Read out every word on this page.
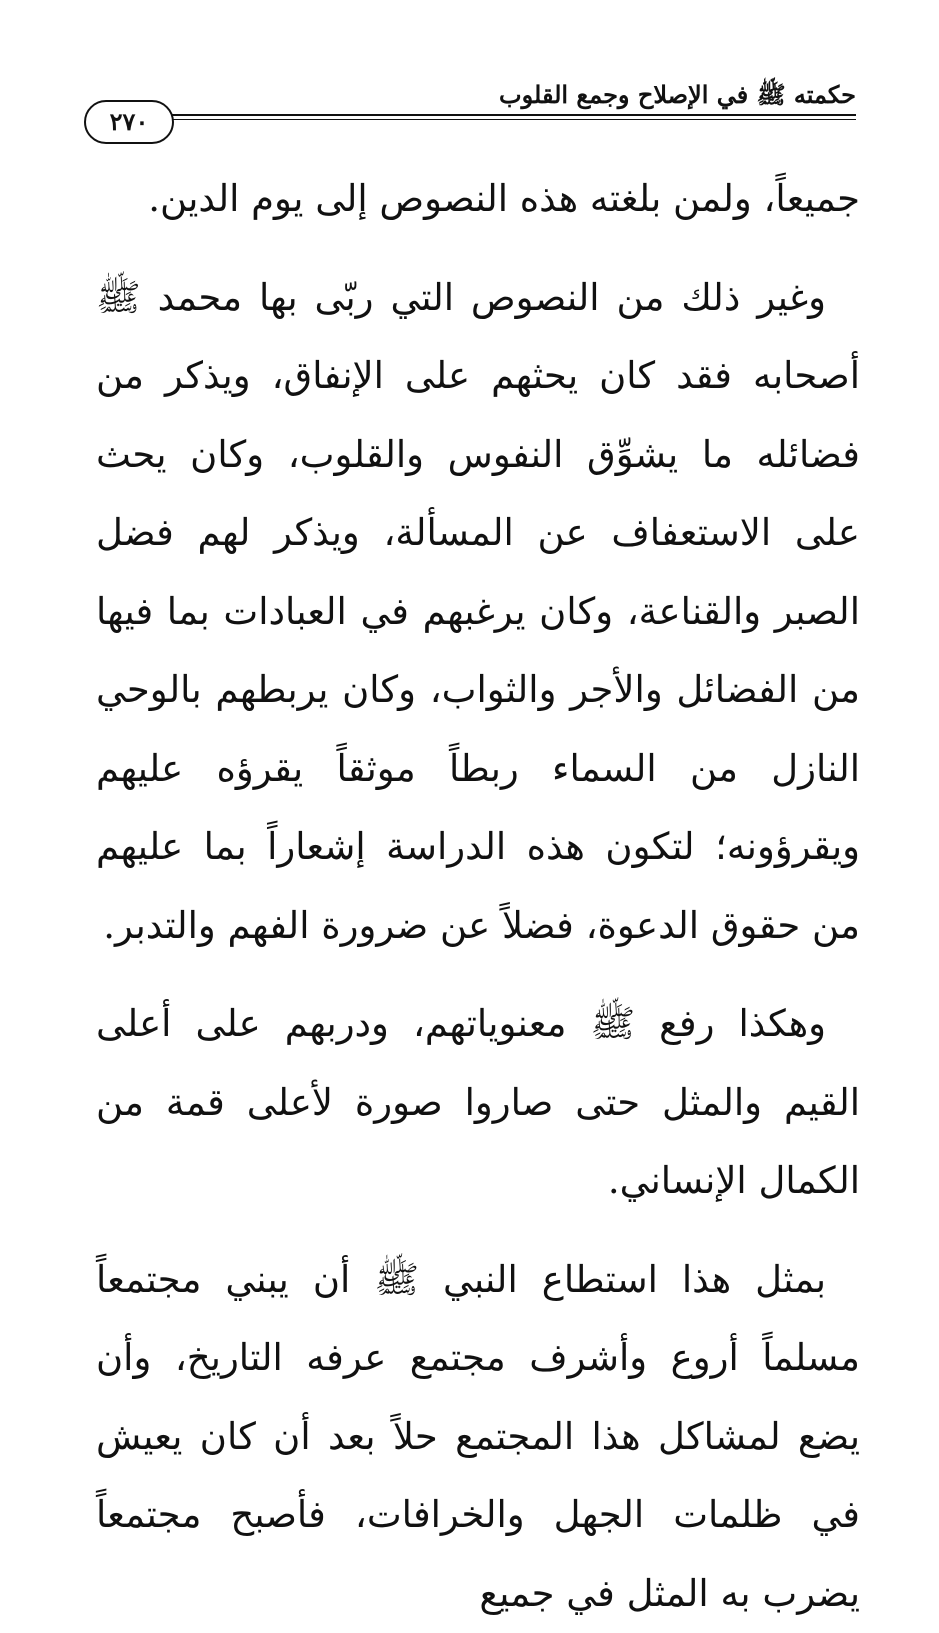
حكمته ﷺ في الإصلاح وجمع القلوب
٢٧٠

جميعاً، ولمن بلغته هذه النصوص إلى يوم الدين.

وغير ذلك من النصوص التي ربّى بها محمد ﷺ أصحابه فقد كان يحثهم على الإنفاق، ويذكر من فضائله ما يشوِّق النفوس والقلوب، وكان يحث على الاستعفاف عن المسألة، ويذكر لهم فضل الصبر والقناعة، وكان يرغبهم في العبادات بما فيها من الفضائل والأجر والثواب، وكان يربطهم بالوحي النازل من السماء ربطاً موثقاً يقرؤه عليهم ويقرؤونه؛ لتكون هذه الدراسة إشعاراً بما عليهم من حقوق الدعوة، فضلاً عن ضرورة الفهم والتدبر.

وهكذا رفع ﷺ معنوياتهم، ودربهم على أعلى القيم والمثل حتى صاروا صورة لأعلى قمة من الكمال الإنساني.

بمثل هذا استطاع النبي ﷺ أن يبني مجتمعاً مسلماً أروع وأشرف مجتمع عرفه التاريخ، وأن يضع لمشاكل هذا المجتمع حلاً بعد أن كان يعيش في ظلمات الجهل والخرافات، فأصبح مجتمعاً يضرب به المثل في جميع
